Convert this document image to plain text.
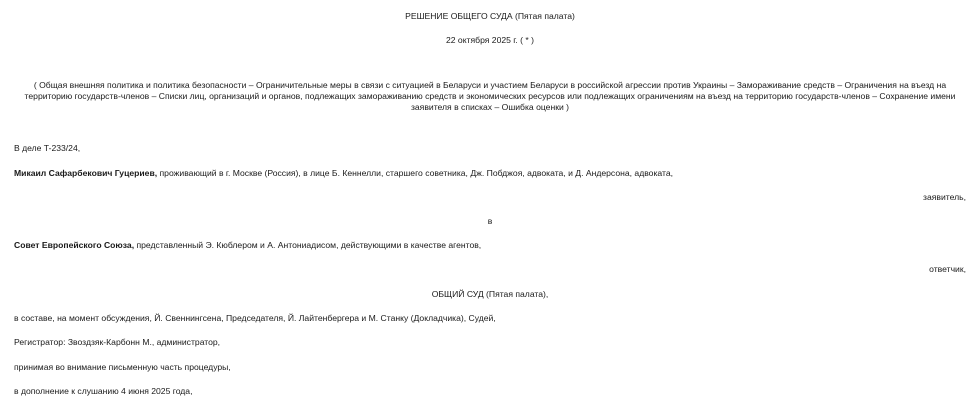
РЕШЕНИЕ ОБЩЕГО СУДА (Пятая палата)
22 октября 2025 г. ( * )
( Общая внешняя политика и политика безопасности – Ограничительные меры в связи с ситуацией в Беларуси и участием Беларуси в российской агрессии против Украины – Замораживание средств – Ограничения на въезд на территорию государств-членов – Списки лиц, организаций и органов, подлежащих замораживанию средств и экономических ресурсов или подлежащих ограничениям на въезд на территорию государств-членов – Сохранение имени заявителя в списках – Ошибка оценки )
В деле T-233/24,
Микаил Сафарбекович Гуцериев, проживающий в г. Москве (Россия), в лице Б. Кеннелли, старшего советника, Дж. Побджоя, адвоката, и Д. Андерсона, адвоката,
заявитель,
в
Совет Европейского Союза, представленный Э. Кюблером и А. Антониадисом, действующими в качестве агентов,
ответчик,
ОБЩИЙ СУД (Пятая палата),
в составе, на момент обсуждения, Й. Свеннингсена, Председателя, Й. Лайтенбергера и М. Станку (Докладчика), Судей,
Регистратор: Звоздзяк-Карбонн М., администратор,
принимая во внимание письменную часть процедуры,
в дополнение к слушанию 4 июня 2025 года,
